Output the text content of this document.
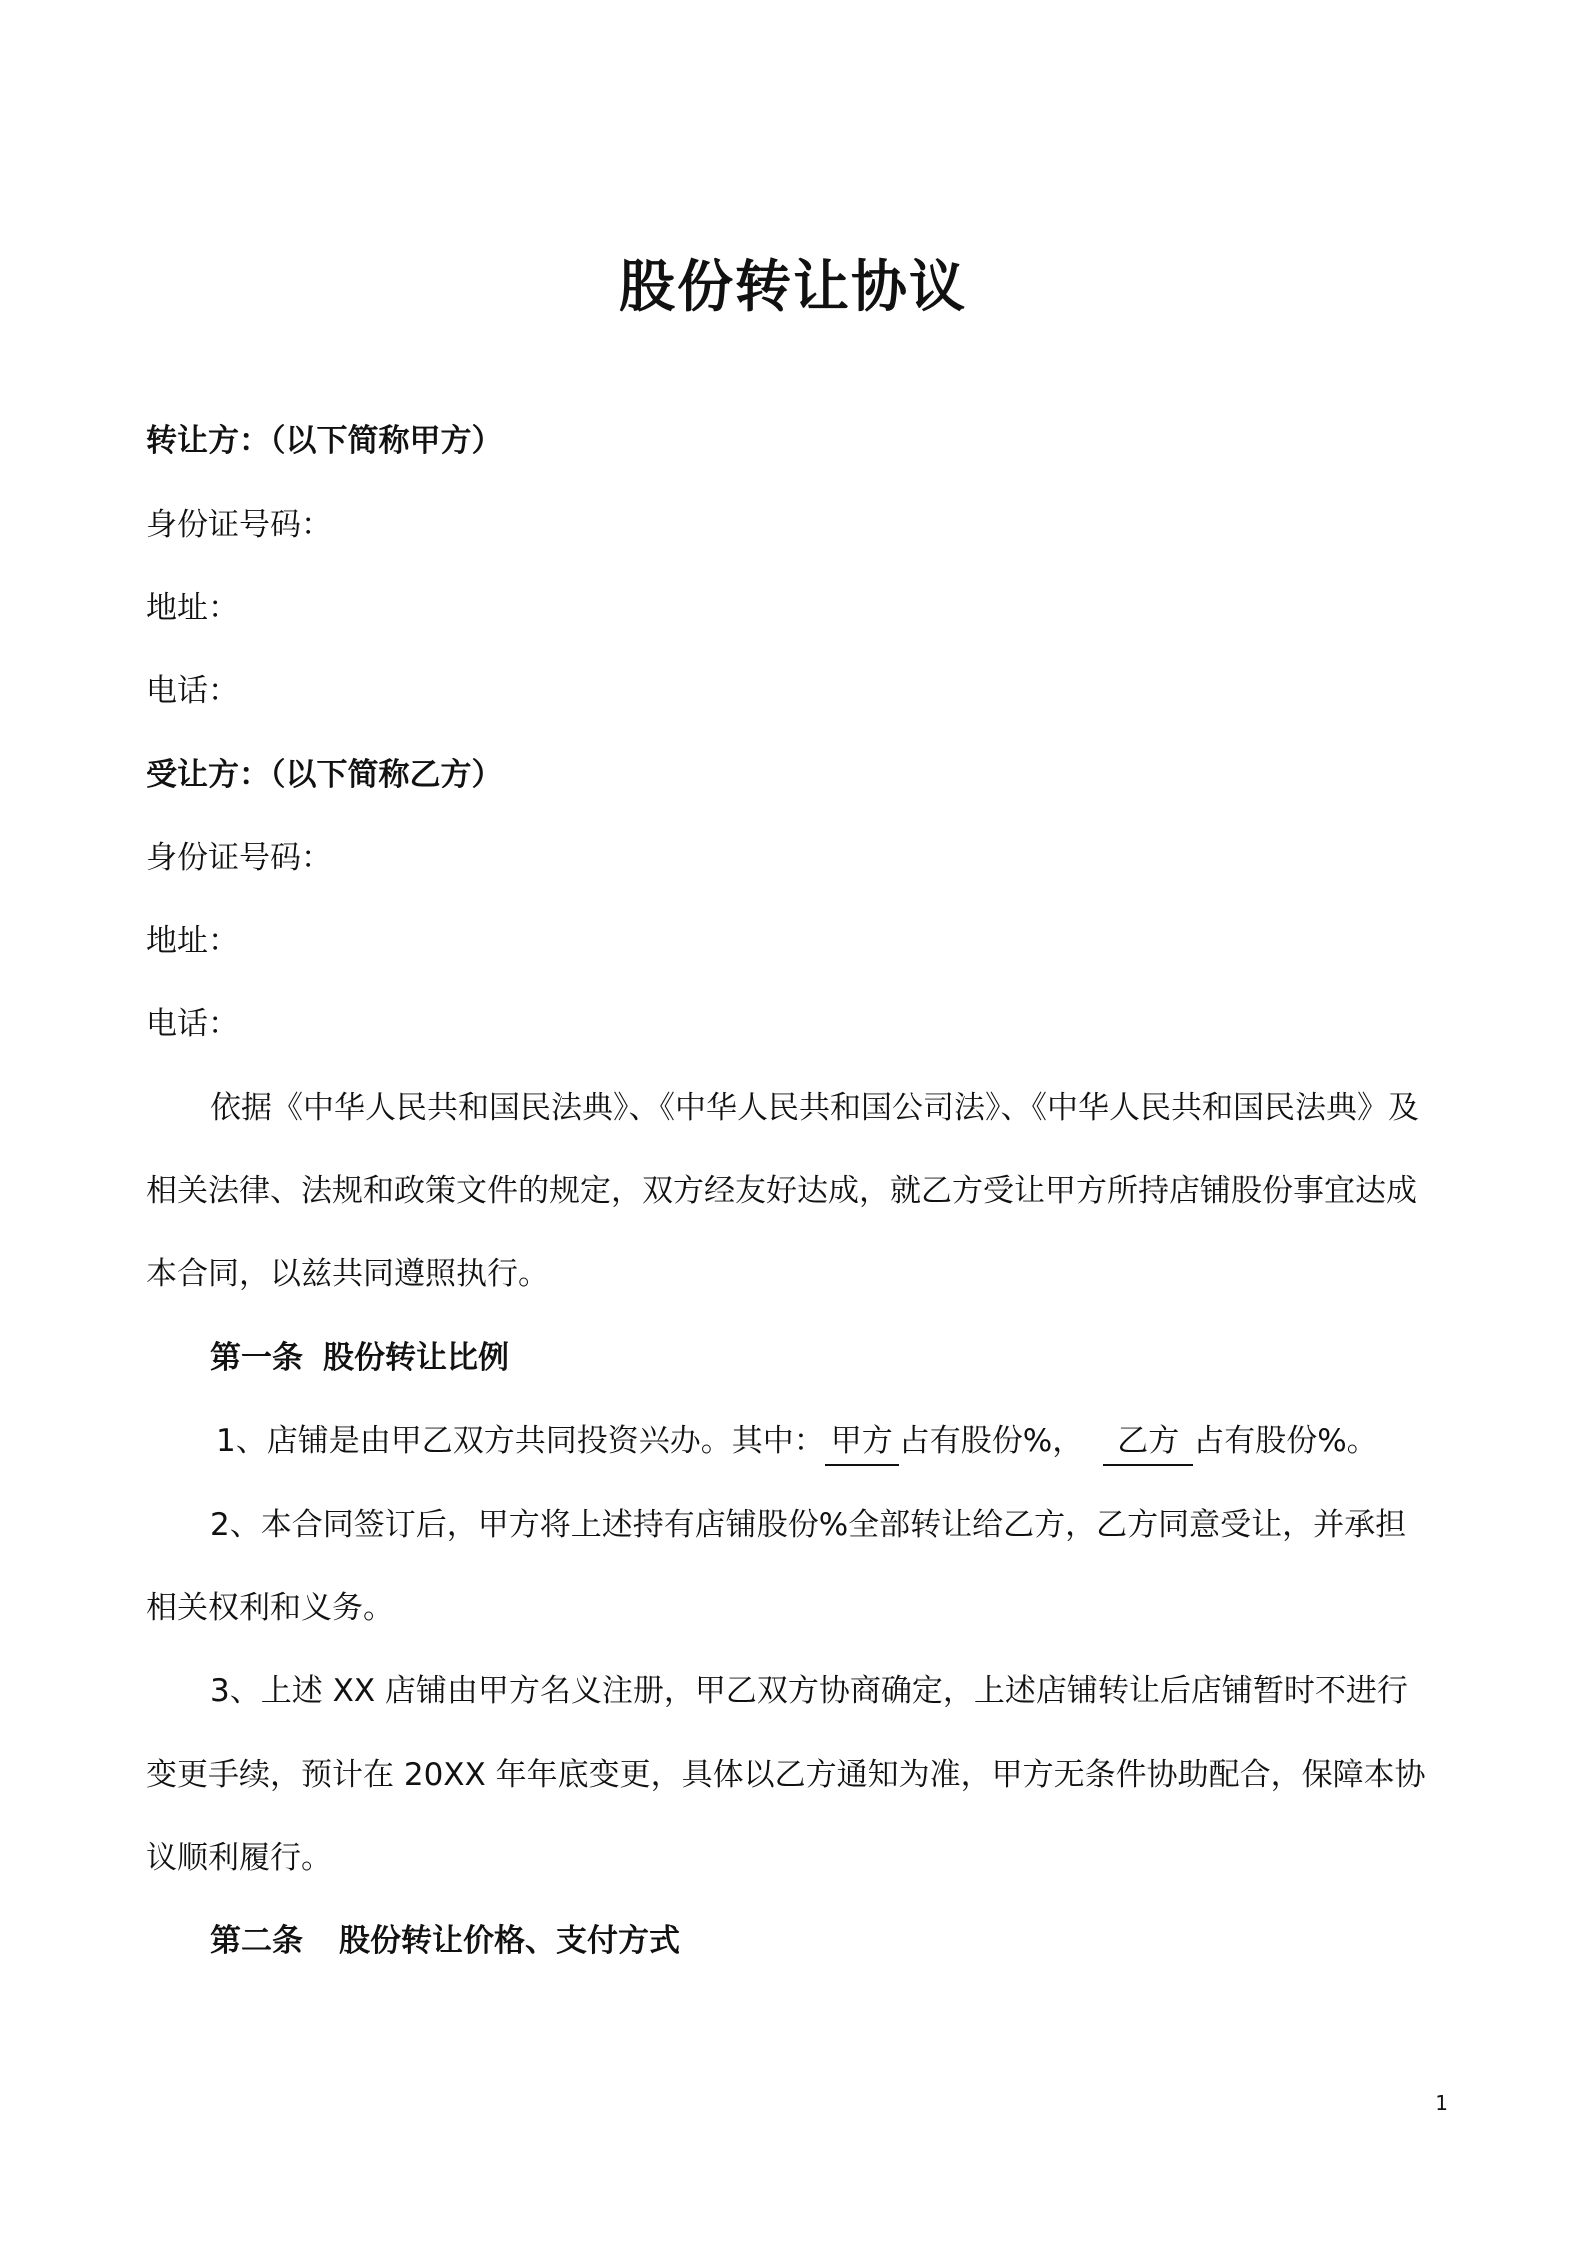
股份转让协议
转让方：（以下简称甲方）
身份证号码：
地址：
电话：
受让方：（以下简称乙方）
身份证号码：
地址：
电话：
依据《中华人民共和国民法典》、《中华人民共和国公司法》、《中华人民共和国民法典》及
相关法律、法规和政策文件的规定，双方经友好达成，就乙方受让甲方所持店铺股份事宜达成
本合同，以兹共同遵照执行。
第一条 股份转让比例
1、店铺是由甲乙双方共同投资兴办。其中： 甲方 占有股份%， 乙方 占有股份%。
2、本合同签订后，甲方将上述持有店铺股份%全部转让给乙方，乙方同意受让，并承担
相关权利和义务。
3、上述 XX 店铺由甲方名义注册，甲乙双方协商确定，上述店铺转让后店铺暂时不进行
变更手续，预计在 20XX 年年底变更，具体以乙方通知为准，甲方无条件协助配合，保障本协
议顺利履行。
第二条 股份转让价格、支付方式
1
